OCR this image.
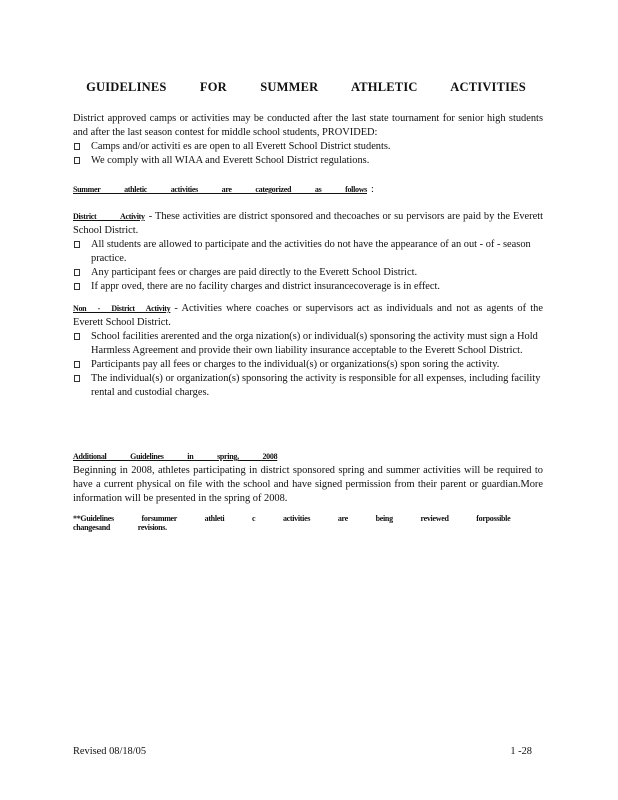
GUIDELINES FOR SUMMER ATHLETIC ACTIVITIES

District approved camps or activities may be conducted after the last state tournament for senior high students and after the last season contest for middle school students, PROVIDED:

Camps and/or activiti es are open to all Everett School District students.
We comply with all WIAA and Everett School District regulations.
Summer athletic activities are categorized as follows :

District Activity - These activities are district sponsored and thecoaches or su pervisors are paid by the Everett School District.

All students are allowed to participate and the activities do not have the appearance of an out - of - season practice.
Any participant fees or charges are paid directly to the Everett School District.
If appr oved, there are no facility charges and district insurancecoverage is in effect.

Non - District Activity - Activities where coaches or supervisors act as individuals and not as agents of the Everett School District.

School facilities arerented and the orga nization(s) or individual(s) sponsoring the activity must sign a Hold Harmless Agreement and provide their own liability insurance acceptable to the Everett School District.
Participants pay all fees or charges to the individual(s) or organizations(s) spon soring the activity.
The individual(s) or organization(s) sponsoring the activity is responsible for all expenses, including facility rental and custodial charges.
Additional Guidelines in spring, 2008

Beginning in 2008, athletes participating in district sponsored spring and summer activities will be required to have a current physical on file with the school and have signed permission from their parent or guardian.More information will be presented in the spring of 2008.

**Guidelines forsummer athleti c activities are being reviewed forpossible changesand revisions.
Revised 08/18/05	1 -28
